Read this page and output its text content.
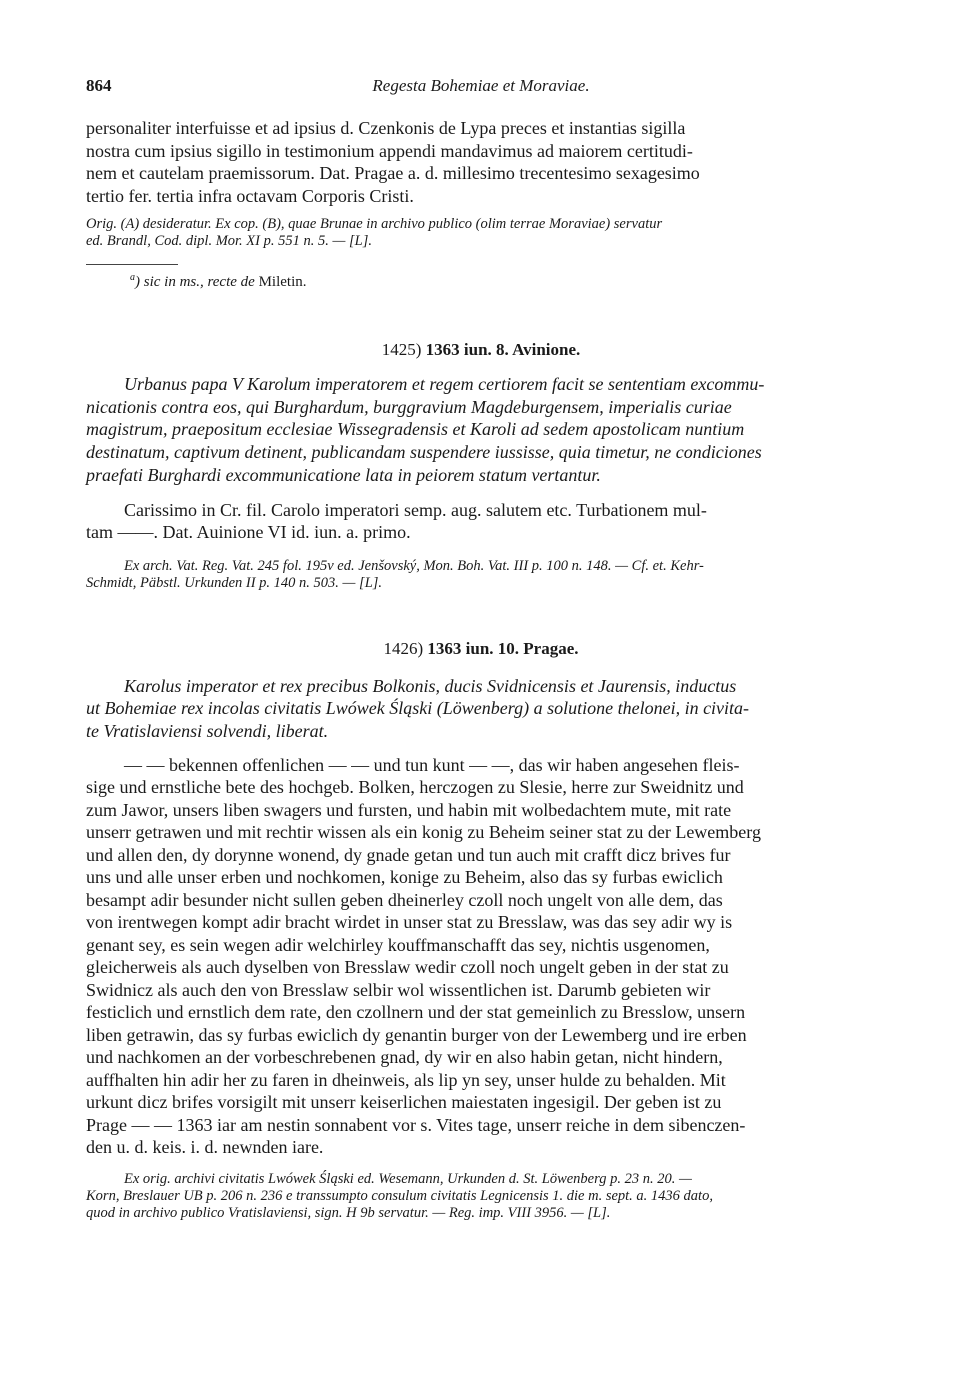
864	Regesta Bohemiae et Moraviae.

personaliter interfuisse et ad ipsius d. Czenkonis de Lypa preces et instantias sigilla
nostra cum ipsius sigillo in testimonium appendi mandavimus ad maiorem certitudi-
nem et cautelam praemissorum. Dat. Pragae a. d. millesimo trecentesimo sexagesimo
tertio fer. tertia infra octavam Corporis Cristi.

Orig. (A) desideratur. Ex cop. (B), quae Brunae in archivo publico (olim terrae Moraviae) servatur
ed. Brandl, Cod. dipl. Mor. XI p. 551 n. 5. — [L].

$^a$) sic in ms., recte de Miletin.

1425) 1363 iun. 8. Avinione.

Urbanus papa V Karolum imperatorem et regem certiorem facit se sententiam excommu-
nicationis contra eos, qui Burghardum, burggravium Magdeburgensem, imperialis curiae
magistrum, praepositum ecclesiae Wissegradensis et Karoli ad sedem apostolicam nuntium
destinatum, captivum detinent, publicandam suspendere iussisse, quia timetur, ne condiciones
praefati Burghardi excommunicatione lata in peiorem statum vertantur.

Carissimo in Cr. fil. Carolo imperatori semp. aug. salutem etc. Turbationem mul-
tam ——. Dat. Auinione VI id. iun. a. primo.

Ex arch. Vat. Reg. Vat. 245 fol. 195v ed. Jenšovský, Mon. Boh. Vat. III p. 100 n. 148. — Cf. et. Kehr-
Schmidt, Päbstl. Urkunden II p. 140 n. 503. — [L].

1426) 1363 iun. 10. Pragae.

Karolus imperator et rex precibus Bolkonis, ducis Svidnicensis et Jaurensis, inductus
ut Bohemiae rex incolas civitatis Lwówek Śląski (Löwenberg) a solutione thelonei, in civita-
te Vratislaviensi solvendi, liberat.

— — bekennen offenlichen — — und tun kunt — —, das wir haben angesehen fleis-
sige und ernstliche bete des hochgeb. Bolken, herczogen zu Slesie, herre zur Sweidnitz und
zum Jawor, unsers liben swagers und fursten, und habin mit wolbedachtem mute, mit rate
unserr getrawen und mit rechtir wissen als ein konig zu Beheim seiner stat zu der Lewemberg
und allen den, dy dorynne wonend, dy gnade getan und tun auch mit crafft dicz brives fur
uns und alle unser erben und nochkomen, konige zu Beheim, also das sy furbas ewiclich
besampt adir besunder nicht sullen geben dheinerley czoll noch ungelt von alle dem, das
von irentwegen kompt adir bracht wirdet in unser stat zu Bresslaw, was das sey adir wy is
genant sey, es sein wegen adir welchirley kouffmanschafft das sey, nichtis usgenomen,
gleicherweis als auch dyselben von Bresslaw wedir czoll noch ungelt geben in der stat zu
Swidnicz als auch den von Bresslaw selbir wol wissentlichen ist. Darumb gebieten wir
festiclich und ernstlich dem rate, den czollnern und der stat gemeinlich zu Bresslow, unsern
liben getrawin, das sy furbas ewiclich dy genantin burger von der Lewemberg und ire erben
und nachkomen an der vorbeschrebenen gnad, dy wir en also habin getan, nicht hindern,
auffhalten hin adir her zu faren in dheinweis, als lip yn sey, unser hulde zu behalden. Mit
urkunt dicz brifes vorsigilt mit unserr keiserlichen maiestaten ingesigil. Der geben ist zu
Prage — — 1363 iar am nestin sonnabent vor s. Vites tage, unserr reiche in dem sibenczen-
den u. d. keis. i. d. newnden iare.

Ex orig. archivi civitatis Lwówek Śląski ed. Wesemann, Urkunden d. St. Löwenberg p. 23 n. 20. —
Korn, Breslauer UB p. 206 n. 236 e transsumpto consulum civitatis Legnicensis 1. die m. sept. a. 1436 dato,
quod in archivo publico Vratislaviensi, sign. H 9b servatur. — Reg. imp. VIII 3956. — [L].
